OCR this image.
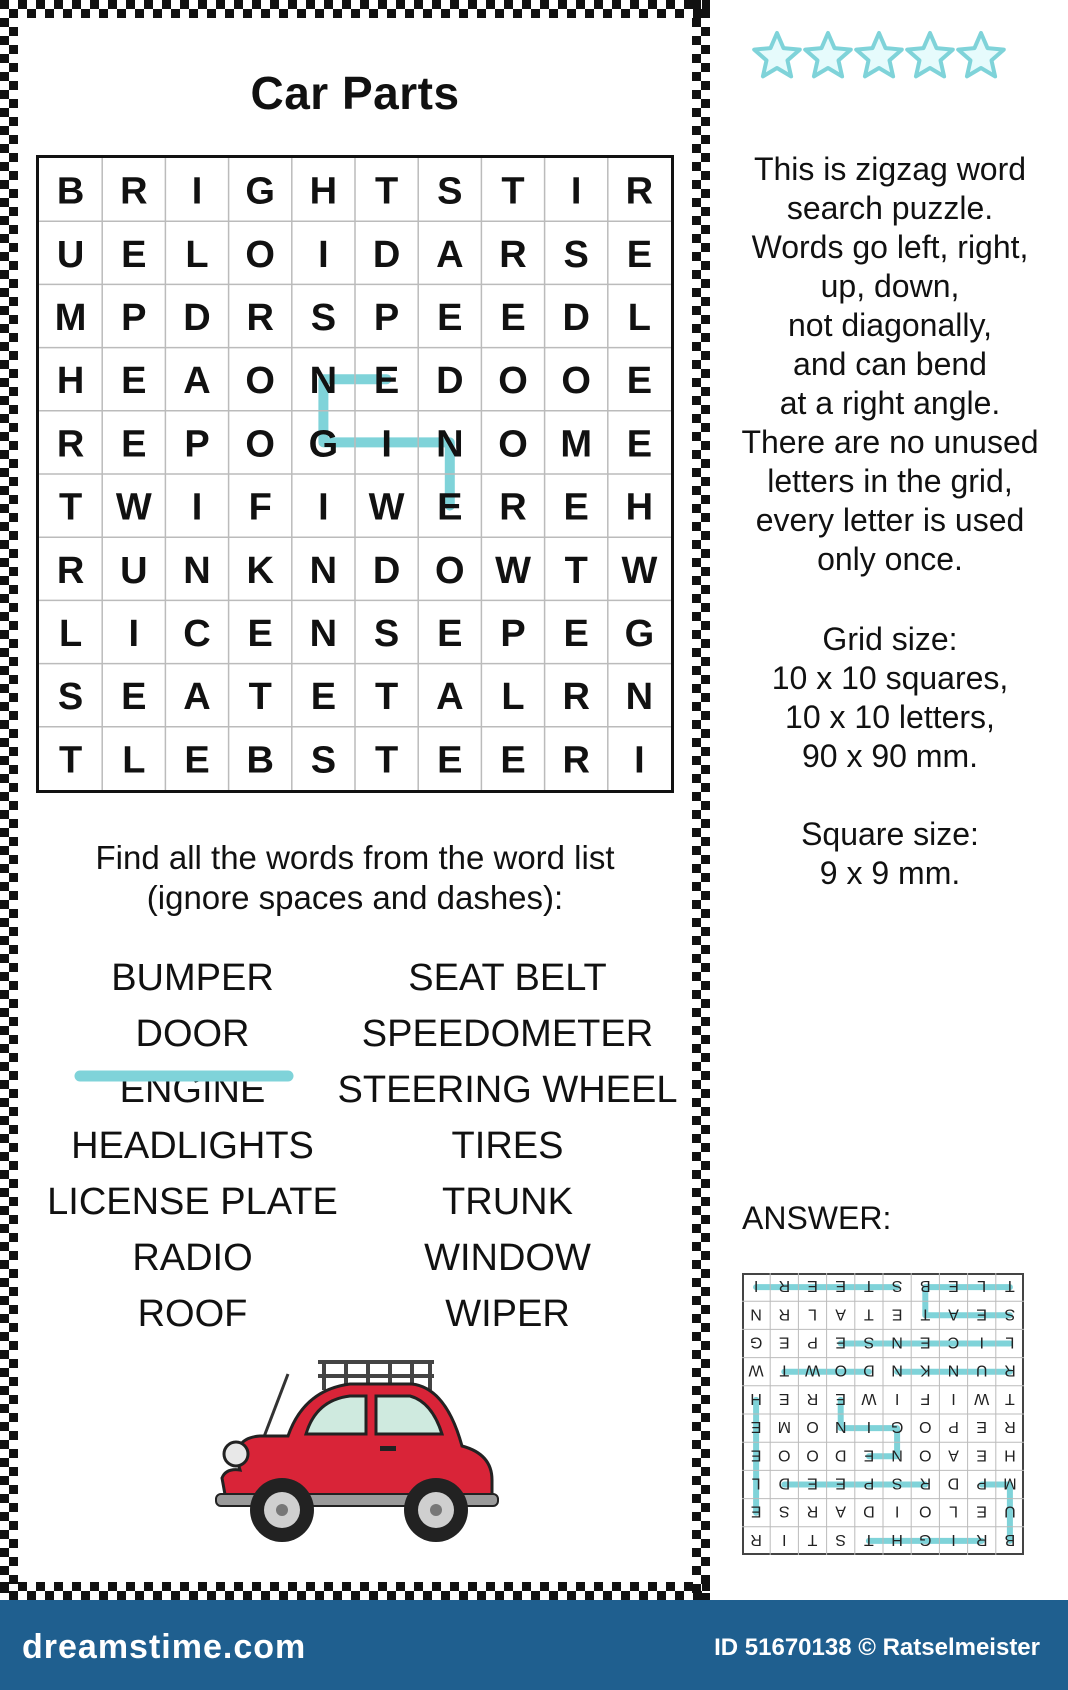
Car Parts
B R I G H T S T I R
U E L O I D A R S E
M P D R S P E E D L
H E A O N E D O O E
R E P O G I N O M E
T W I F I W E R E H
R U N K N D O W T W
L I C E N S E P E G
S E A T E T A L R N
T L E B S T E E R I
Find all the words from the word list
(ignore spaces and dashes):
BUMPER
DOOR
ENGINE
HEADLIGHTS
LICENSE PLATE
RADIO
ROOF
SEAT BELT
SPEEDOMETER
STEERING WHEEL
TIRES
TRUNK
WINDOW
WIPER
This is zigzag word
search puzzle.
Words go left, right,
up, down,
not diagonally,
and can bend
at a right angle.
There are no unused
letters in the grid,
every letter is used
only once.
Grid size:
10 x 10 squares,
10 x 10 letters,
90 x 90 mm.
Square size:
9 x 9 mm.
ANSWER:
B
R
I
G
H
T
S
T
I
R
U
E
L
O
I
D
A
R
S
E
M
P
D
R
S
P
E
E
D
L
H
E
A
O
N
E
D
O
O
E
R
E
P
O
G
I
N
O
M
E
T
W
I
F
I
W
E
R
E
H
R
U
N
K
N
D
O
W
T
W
L
I
C
E
N
S
E
P
E
G
S
E
A
T
E
T
A
L
R
N
T
L
E
B
S
T
E
E
R
I
dreamstime.com	ID 51670138 © Ratselmeister
